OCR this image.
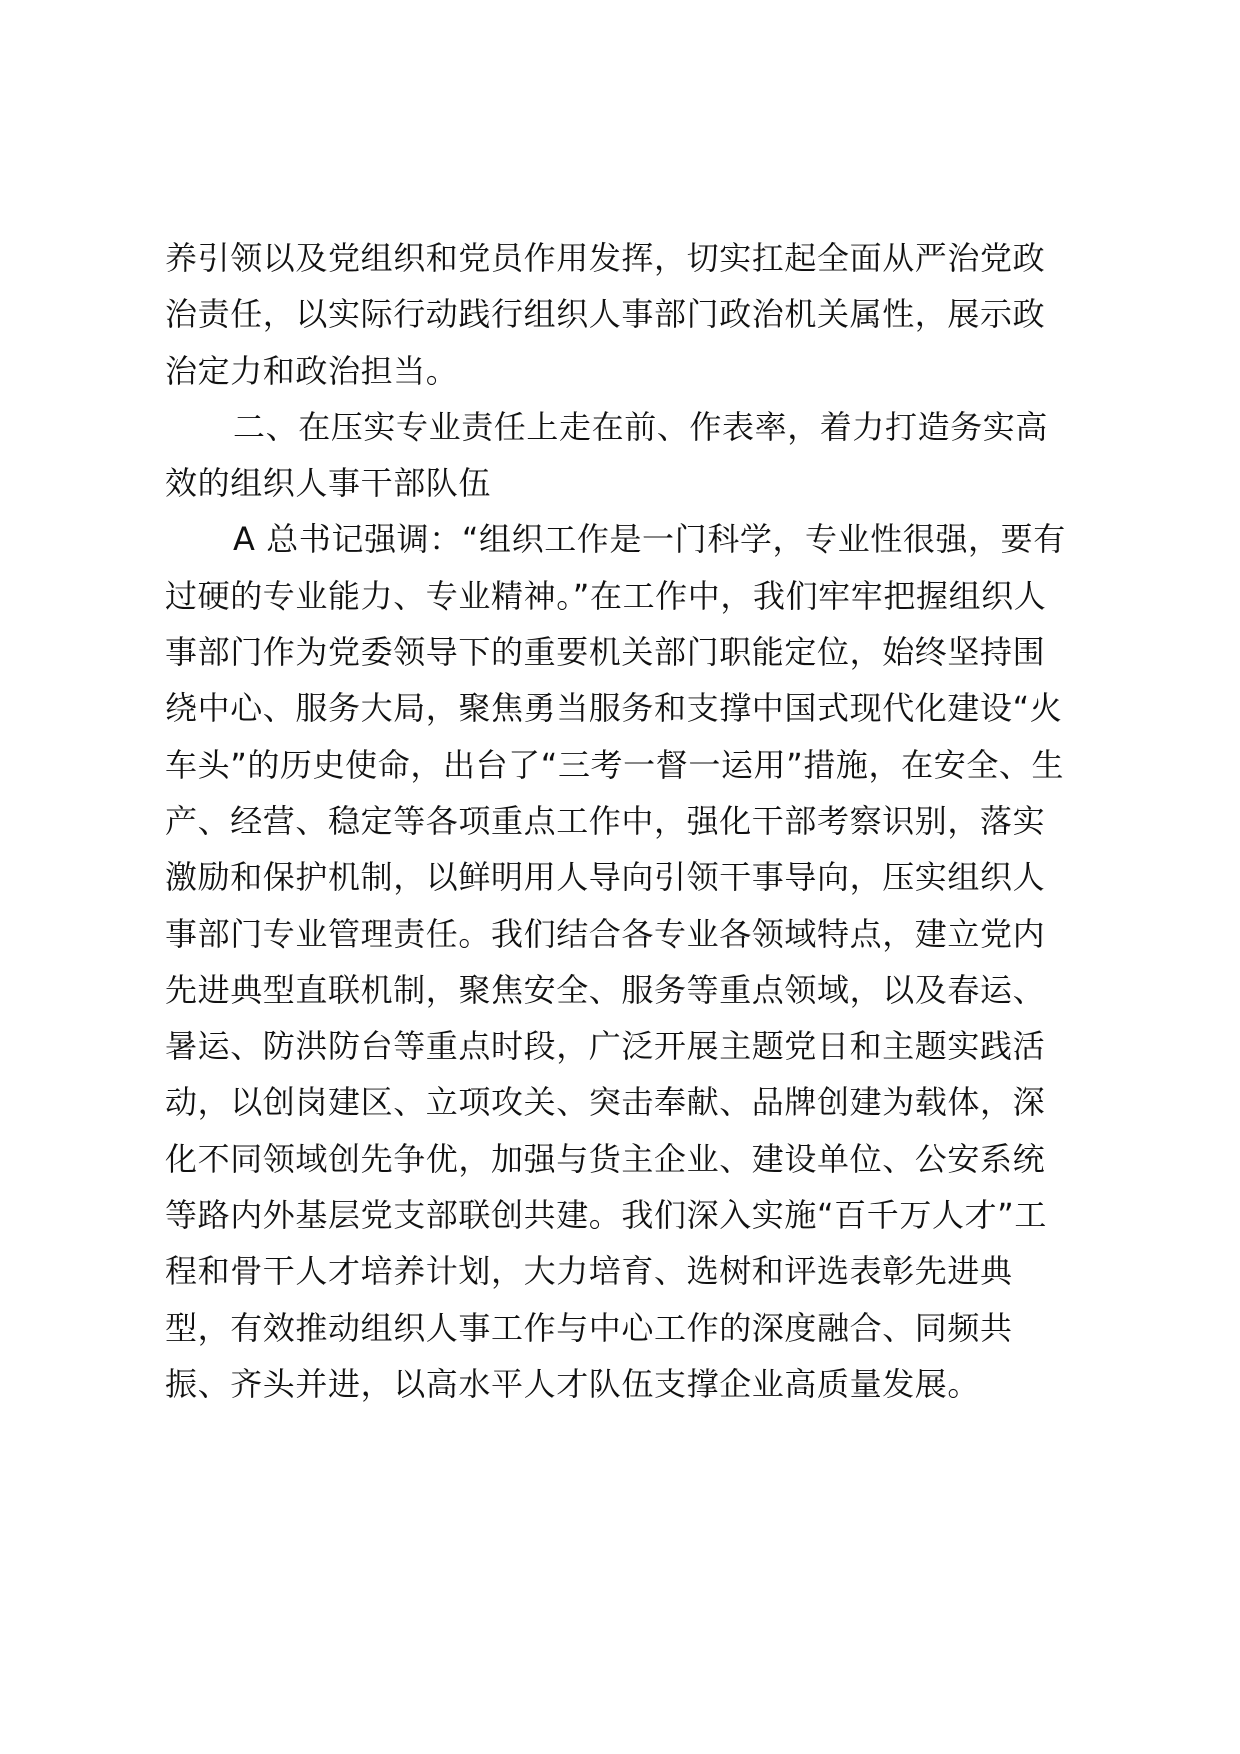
养引领以及党组织和党员作用发挥，切实扛起全面从严治党政
治责任，以实际行动践行组织人事部门政治机关属性，展示政
治定力和政治担当。
二、在压实专业责任上走在前、作表率，着力打造务实高
效的组织人事干部队伍
A 总书记强调：“组织工作是一门科学，专业性很强，要有
过硬的专业能力、专业精神。”在工作中，我们牢牢把握组织人
事部门作为党委领导下的重要机关部门职能定位，始终坚持围
绕中心、服务大局，聚焦勇当服务和支撑中国式现代化建设“火
车头”的历史使命，出台了“三考一督一运用”措施，在安全、生
产、经营、稳定等各项重点工作中，强化干部考察识别，落实
激励和保护机制，以鲜明用人导向引领干事导向，压实组织人
事部门专业管理责任。我们结合各专业各领域特点，建立党内
先进典型直联机制，聚焦安全、服务等重点领域，以及春运、
暑运、防洪防台等重点时段，广泛开展主题党日和主题实践活
动，以创岗建区、立项攻关、突击奉献、品牌创建为载体，深
化不同领域创先争优，加强与货主企业、建设单位、公安系统
等路内外基层党支部联创共建。我们深入实施“百千万人才”工
程和骨干人才培养计划，大力培育、选树和评选表彰先进典
型，有效推动组织人事工作与中心工作的深度融合、同频共
振、齐头并进，以高水平人才队伍支撑企业高质量发展。
